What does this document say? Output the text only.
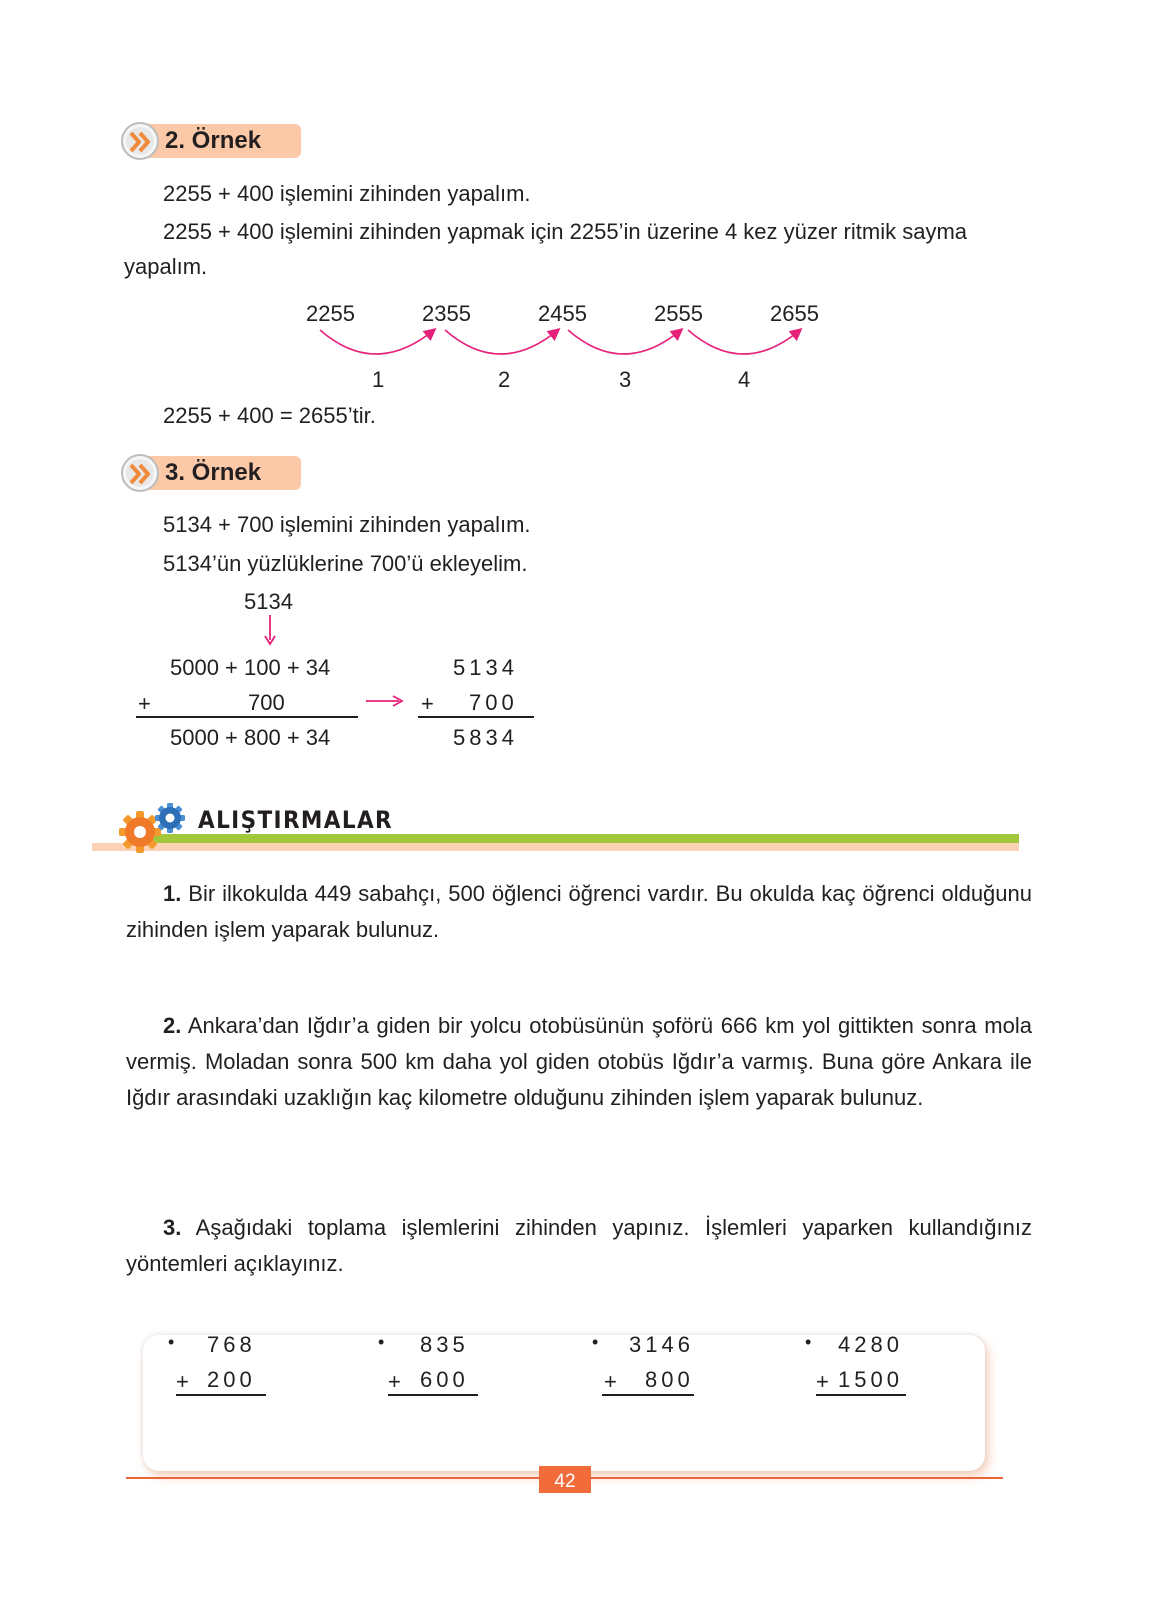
2. Örnek
2255 + 400 işlemini zihinden yapalım.
2255 + 400 işlemini zihinden yapmak için 2255’in üzerine 4 kez yüzer ritmik sayma
yapalım.
2255	2355	2455	2555	2655
1	2	3	4
2255 + 400 = 2655’tir.
3. Örnek
5134 + 700 işlemini zihinden yapalım.
5134’ün yüzlüklerine 700’ü ekleyelim.
5134
5000 + 100 + 34
+	700
5000 + 800 + 34
5134
+ 700
5834
ALIŞTIRMALAR

1. Bir ilkokulda 449 sabahçı, 500 öğlenci öğrenci vardır. Bu okulda kaç öğrenci olduğunu zihinden işlem yaparak bulunuz.

2. Ankara’dan Iğdır’a giden bir yolcu otobüsünün şoförü 666 km yol gittikten sonra mola vermiş. Moladan sonra 500 km daha yol giden otobüs Iğdır’a varmış. Buna göre Ankara ile Iğdır arasındaki uzaklığın kaç kilometre olduğunu zihinden işlem yaparak bulunuz.

3. Aşağıdaki toplama işlemlerini zihinden yapınız. İşlemleri yaparken kullandığınız yöntemleri açıklayınız.

• 768
+ 200
• 835
+ 600
• 3146
+ 800
• 4280
+ 1500
42
